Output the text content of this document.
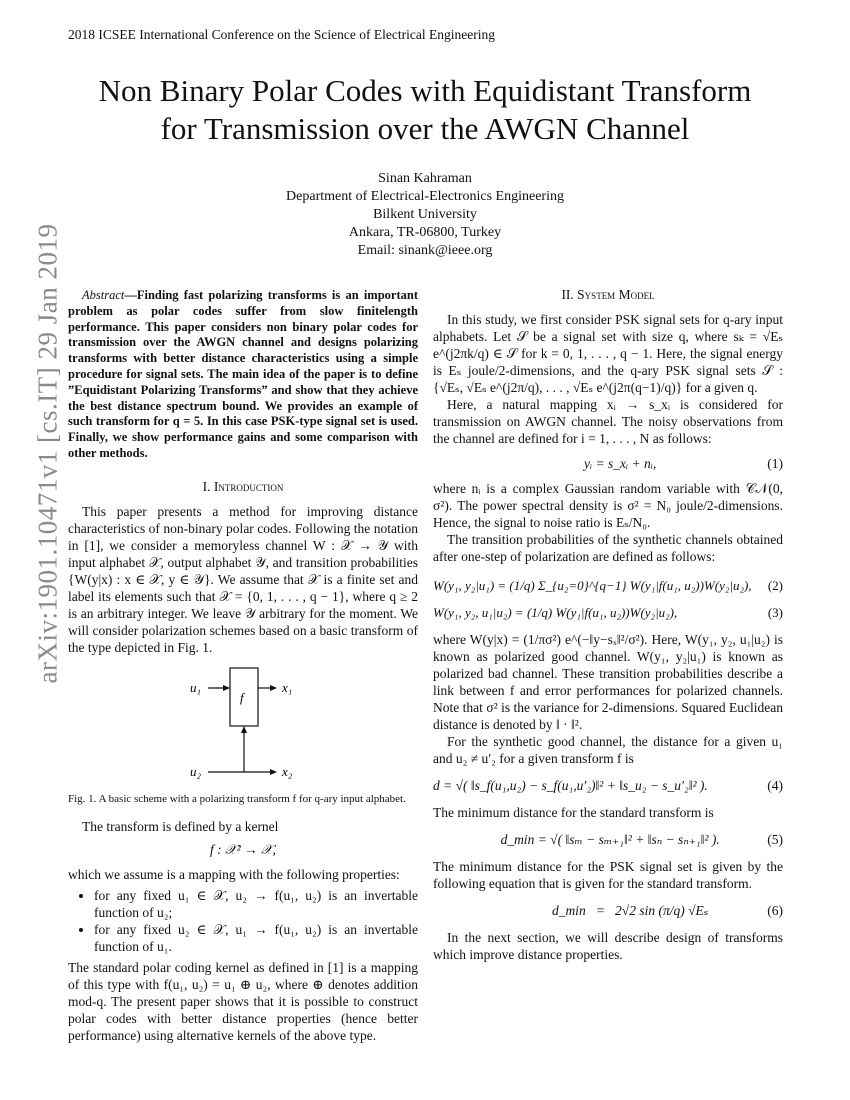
2018 ICSEE International Conference on the Science of Electrical Engineering
Non Binary Polar Codes with Equidistant Transform
for Transmission over the AWGN Channel
Sinan Kahraman
Department of Electrical-Electronics Engineering
Bilkent University
Ankara, TR-06800, Turkey
Email: sinank@ieee.org
arXiv:1901.10471v1 [cs.IT] 29 Jan 2019	Abstract—Finding fast polarizing transforms is an important problem as polar codes suffer from slow finitelength performance. This paper considers non binary polar codes for transmission over the AWGN channel and designs polarizing transforms with better distance characteristics using a simple procedure for signal sets. The main idea of the paper is to define ”Equidistant Polarizing Transforms” and show that they achieve the best distance spectrum bound. We provides an example of such transform for q = 5. In this case PSK-type signal set is used. Finally, we show performance gains and some comparison with other methods.

I. Introduction

This paper presents a method for improving distance characteristics of non-binary polar codes. Following the notation in [1], we consider a memoryless channel W : 𝒳 → 𝒴 with input alphabet 𝒳, output alphabet 𝒴, and transition probabilities {W(y|x) : x ∈ 𝒳, y ∈ 𝒴}. We assume that 𝒳 is a finite set and label its elements such that 𝒳 = {0, 1, . . . , q − 1}, where q ≥ 2 is an arbitrary integer. We leave 𝒴 arbitrary for the moment. We will consider polarization schemes based on a basic transform of the type depicted in Fig. 1.

u₁
u₂
x₁
x₂
f

Fig. 1. A basic scheme with a polarizing transform f for q-ary input alphabet.

The transform is defined by a kernel

f : 𝒳² → 𝒳,

which we assume is a mapping with the following properties:

• for any fixed u₁ ∈ 𝒳, u₂ → f(u₁, u₂) is an invertable function of u₂;
• for any fixed u₂ ∈ 𝒳, u₁ → f(u₁, u₂) is an invertable function of u₁.

The standard polar coding kernel as defined in [1] is a mapping of this type with f(u₁, u₂) = u₁ ⊕ u₂, where ⊕ denotes addition mod-q. The present paper shows that it is possible to construct polar codes with better distance properties (hence better performance) using alternative kernels of the above type.

II. System Model

In this study, we first consider PSK signal sets for q-ary input alphabets. Let 𝒮 be a signal set with size q, where sₖ = √Eₛ e^(j2πk/q) ∈ 𝒮 for k = 0, 1, . . . , q − 1. Here, the signal energy is Eₛ joule/2-dimensions, and the q-ary PSK signal sets 𝒮 : {√Eₛ, √Eₛ e^(j2π/q), . . . , √Eₛ e^(j2π(q−1)/q)} for a given q.

Here, a natural mapping xᵢ → s_xᵢ is considered for transmission on AWGN channel. The noisy observations from the channel are defined for i = 1, . . . , N as follows:

yᵢ = s_xᵢ + nᵢ,	(1)

where nᵢ is a complex Gaussian random variable with 𝒞𝒩(0, σ²). The power spectral density is σ² = N₀ joule/2-dimensions. Hence, the signal to noise ratio is Eₛ/N₀.

The transition probabilities of the synthetic channels obtained after one-step of polarization are defined as follows:

W(y₁, y₂|u₁) = (1/q) Σ_{u₂=0}^{q−1} W(y₁|f(u₁, u₂))W(y₂|u₂), (2)
W(y₁, y₂, u₁|u₂) = (1/q) W(y₁|f(u₁, u₂))W(y₂|u₂),	(3)

where W(y|x) = (1/πσ²) e^(−‖y−sₓ‖²/σ²). Here, W(y₁, y₂, u₁|u₂) is known as polarized good channel. W(y₁, y₂|u₁) is known as polarized bad channel. These transition probabilities describe a link between f and error performances for polarized channels. Note that σ² is the variance for 2-dimensions. Squared Euclidean distance is denoted by ‖ · ‖².

For the synthetic good channel, the distance for a given u₁ and u₂ ≠ u′₂ for a given transform f is

d = √( ‖s_f(u₁,u₂) − s_f(u₁,u′₂)‖² + ‖s_u₂ − s_u′₂‖² ).	(4)

The minimum distance for the standard transform is

d_min = √( ‖sₘ − sₘ₊₁‖² + ‖sₙ − sₙ₊₁‖² ).	(5)

The minimum distance for the PSK signal set is given by the following equation that is given for the standard transform.

d_min   =   2√2 sin (π/q) √Eₛ	(6)

In the next section, we will describe design of transforms which improve distance properties.
